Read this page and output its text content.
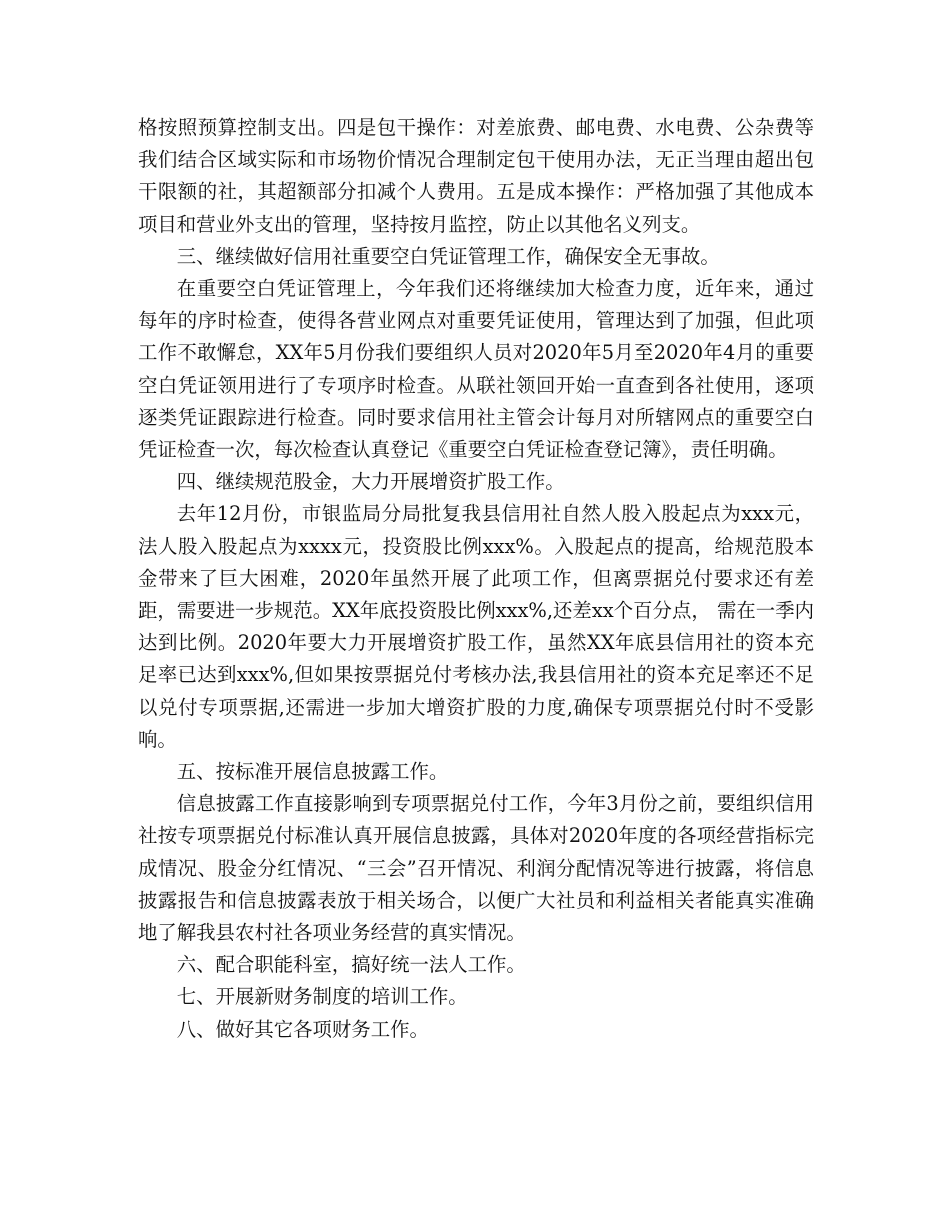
格按照预算控制支出。四是包干操作：对差旅费、邮电费、水电费、公杂费等我们结合区域实际和市场物价情况合理制定包干使用办法，无正当理由超出包干限额的社，其超额部分扣减个人费用。五是成本操作：严格加强了其他成本项目和营业外支出的管理，坚持按月监控，防止以其他名义列支。

三、继续做好信用社重要空白凭证管理工作，确保安全无事故。

在重要空白凭证管理上，今年我们还将继续加大检查力度，近年来，通过每年的序时检查，使得各营业网点对重要凭证使用，管理达到了加强，但此项工作不敢懈怠，XX年5月份我们要组织人员对2020年5月至2020年4月的重要空白凭证领用进行了专项序时检查。从联社领回开始一直查到各社使用，逐项逐类凭证跟踪进行检查。同时要求信用社主管会计每月对所辖网点的重要空白凭证检查一次，每次检查认真登记《重要空白凭证检查登记簿》，责任明确。

四、继续规范股金，大力开展增资扩股工作。

去年12月份，市银监局分局批复我县信用社自然人股入股起点为xxx元，法人股入股起点为xxxx元，投资股比例xxx%。入股起点的提高，给规范股本金带来了巨大困难，2020年虽然开展了此项工作，但离票据兑付要求还有差距，需要进一步规范。XX年底投资股比例xxx%,还差xx个百分点， 需在一季内达到比例。2020年要大力开展增资扩股工作，虽然XX年底县信用社的资本充足率已达到xxx%,但如果按票据兑付考核办法,我县信用社的资本充足率还不足以兑付专项票据,还需进一步加大增资扩股的力度,确保专项票据兑付时不受影响。

五、按标准开展信息披露工作。

信息披露工作直接影响到专项票据兑付工作，今年3月份之前，要组织信用社按专项票据兑付标准认真开展信息披露，具体对2020年度的各项经营指标完成情况、股金分红情况、“三会”召开情况、利润分配情况等进行披露，将信息披露报告和信息披露表放于相关场合，以便广大社员和利益相关者能真实准确地了解我县农村社各项业务经营的真实情况。

六、配合职能科室，搞好统一法人工作。

七、开展新财务制度的培训工作。

八、做好其它各项财务工作。
